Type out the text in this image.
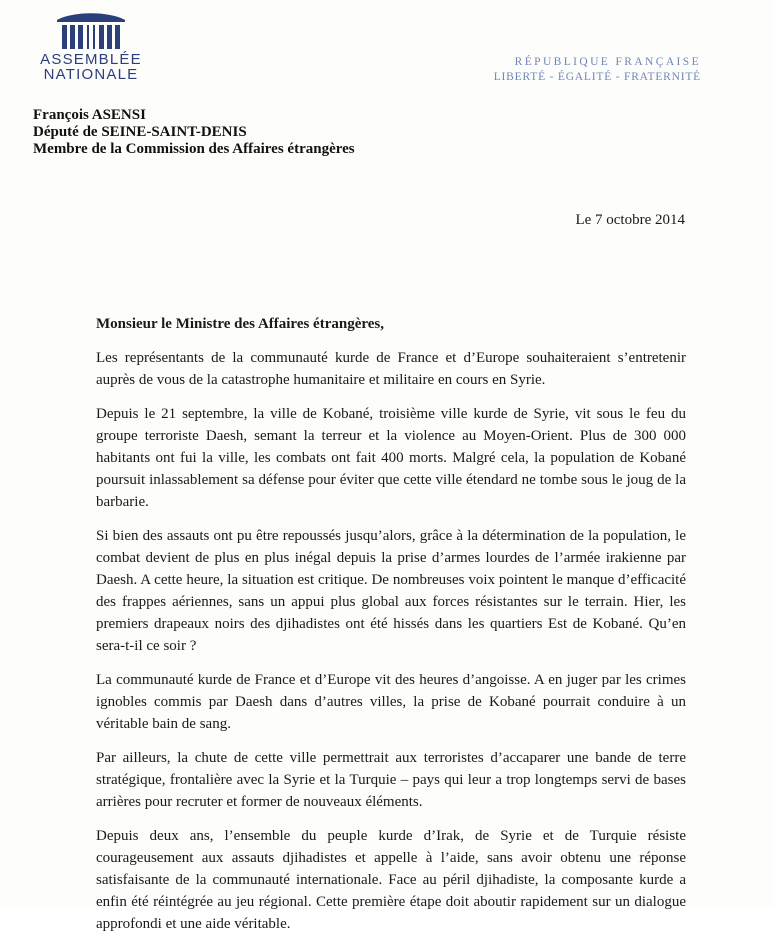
ASSEMBLÉE
NATIONALE
RÉPUBLIQUE FRANÇAISE
LIBERTÉ - ÉGALITÉ - FRATERNITÉ
François ASENSI
Député de SEINE-SAINT-DENIS
Membre de la Commission des Affaires étrangères
Le 7 octobre 2014
Monsieur le Ministre des Affaires étrangères,

Les représentants de la communauté kurde de France et d’Europe souhaiteraient s’entretenir auprès de vous de la catastrophe humanitaire et militaire en cours en Syrie.

Depuis le 21 septembre, la ville de Kobané, troisième ville kurde de Syrie, vit sous le feu du groupe terroriste Daesh, semant la terreur et la violence au Moyen-Orient. Plus de 300 000 habitants ont fui la ville, les combats ont fait 400 morts. Malgré cela, la population de Kobané poursuit inlassablement sa défense pour éviter que cette ville étendard ne tombe sous le joug de la barbarie.

Si bien des assauts ont pu être repoussés jusqu’alors, grâce à la détermination de la population, le combat devient de plus en plus inégal depuis la prise d’armes lourdes de l’armée irakienne par Daesh. A cette heure, la situation est critique. De nombreuses voix pointent le manque d’efficacité des frappes aériennes, sans un appui plus global aux forces résistantes sur le terrain. Hier, les premiers drapeaux noirs des djihadistes ont été hissés dans les quartiers Est de Kobané. Qu’en sera-t-il ce soir ?

La communauté kurde de France et d’Europe vit des heures d’angoisse. A en juger par les crimes ignobles commis par Daesh dans d’autres villes, la prise de Kobané pourrait conduire à un véritable bain de sang.

Par ailleurs, la chute de cette ville permettrait aux terroristes d’accaparer une bande de terre stratégique, frontalière avec la Syrie et la Turquie – pays qui leur a trop longtemps servi de bases arrières pour recruter et former de nouveaux éléments.

Depuis deux ans, l’ensemble du peuple kurde d’Irak, de Syrie et de Turquie résiste courageusement aux assauts djihadistes et appelle à l’aide, sans avoir obtenu une réponse satisfaisante de la communauté internationale. Face au péril djihadiste, la composante kurde a enfin été réintégrée au jeu régional. Cette première étape doit aboutir rapidement sur un dialogue approfondi et une aide véritable.
